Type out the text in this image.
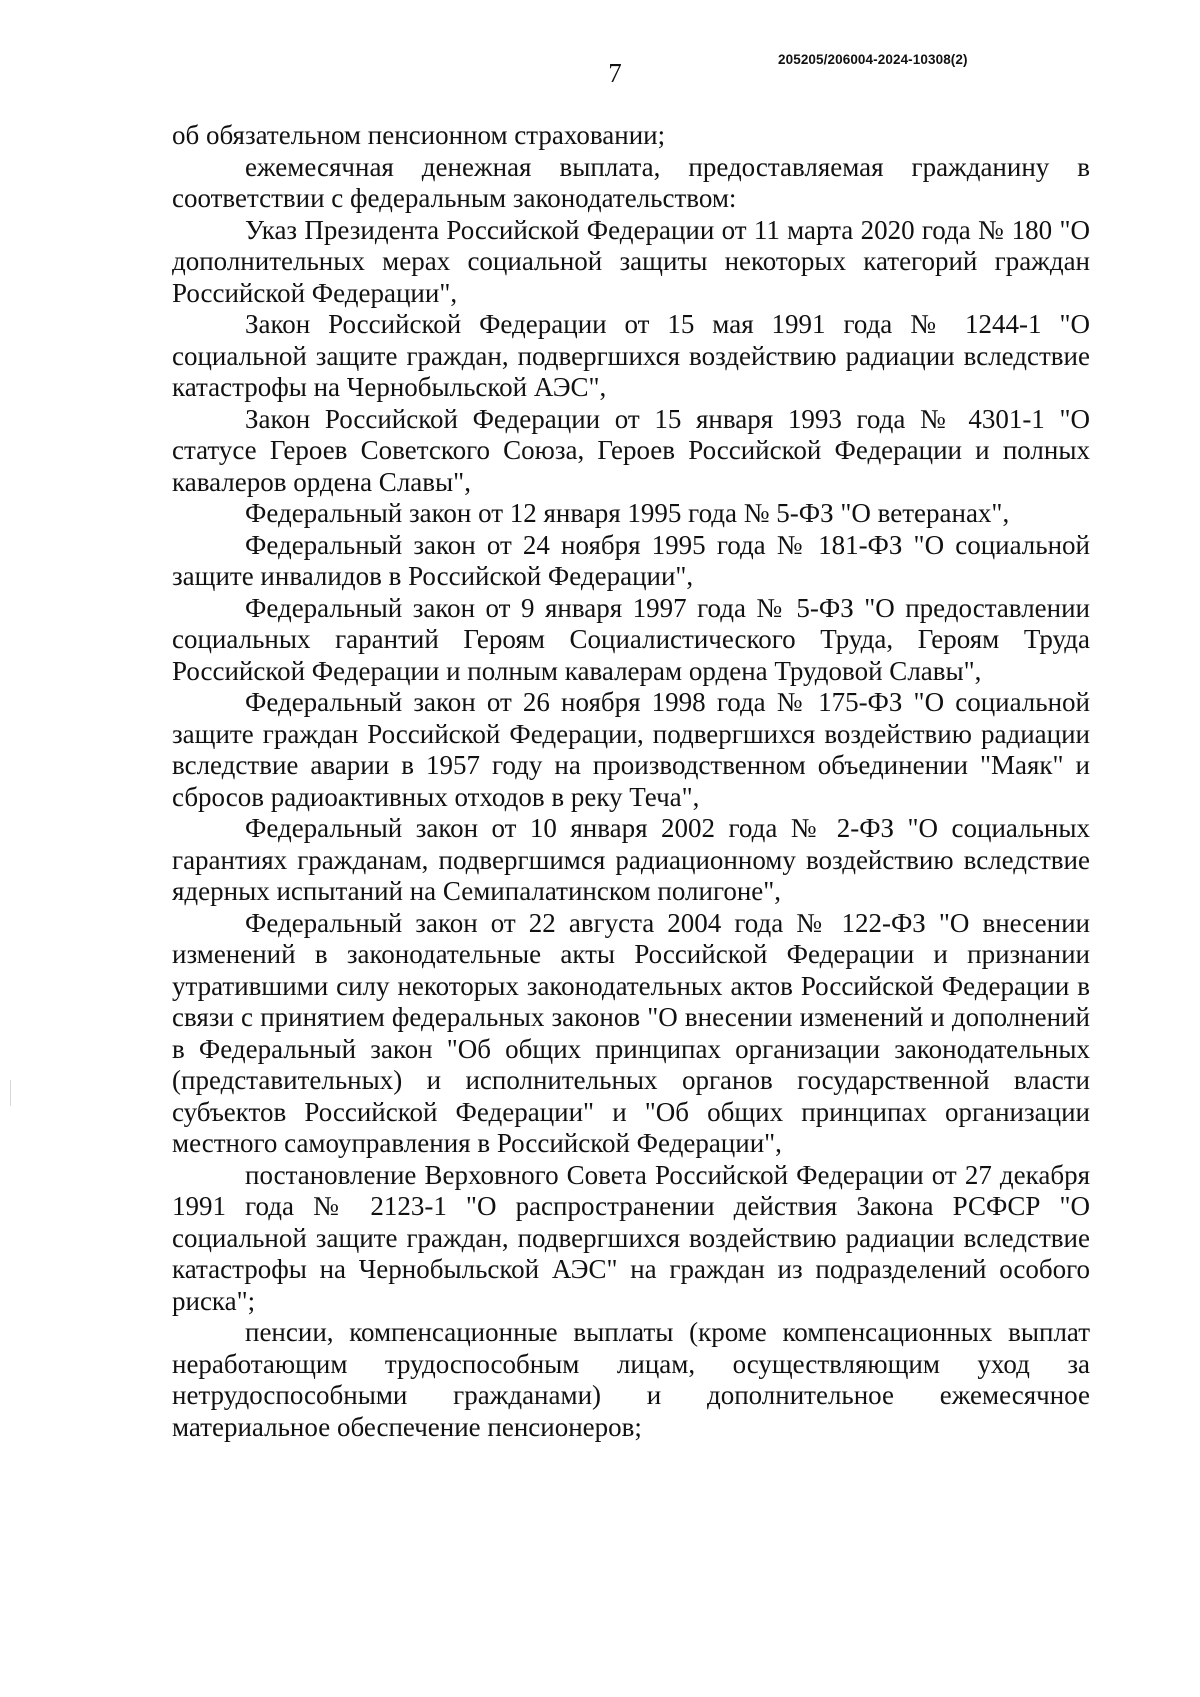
7	205205/206004-2024-10308(2)

об обязательном пенсионном страховании;

ежемесячная денежная выплата, предоставляемая гражданину в соответствии с федеральным законодательством:

Указ Президента Российской Федерации от 11 марта 2020 года № 180 "О дополнительных мерах социальной защиты некоторых категорий граждан Российской Федерации",

Закон Российской Федерации от 15 мая 1991 года № 1244-1 "О социальной защите граждан, подвергшихся воздействию радиации вследствие катастрофы на Чернобыльской АЭС",

Закон Российской Федерации от 15 января 1993 года № 4301-1 "О статусе Героев Советского Союза, Героев Российской Федерации и полных кавалеров ордена Славы",

Федеральный закон от 12 января 1995 года № 5-ФЗ "О ветеранах",

Федеральный закон от 24 ноября 1995 года № 181-ФЗ "О социальной защите инвалидов в Российской Федерации",

Федеральный закон от 9 января 1997 года № 5-ФЗ "О предоставлении социальных гарантий Героям Социалистического Труда, Героям Труда Российской Федерации и полным кавалерам ордена Трудовой Славы",

Федеральный закон от 26 ноября 1998 года № 175-ФЗ "О социальной защите граждан Российской Федерации, подвергшихся воздействию радиации вследствие аварии в 1957 году на производственном объединении "Маяк" и сбросов радиоактивных отходов в реку Теча",

Федеральный закон от 10 января 2002 года № 2-ФЗ "О социальных гарантиях гражданам, подвергшимся радиационному воздействию вследствие ядерных испытаний на Семипалатинском полигоне",

Федеральный закон от 22 августа 2004 года № 122-ФЗ "О внесении изменений в законодательные акты Российской Федерации и признании утратившими силу некоторых законодательных актов Российской Федерации в связи с принятием федеральных законов "О внесении изменений и дополнений в Федеральный закон "Об общих принципах организации законодательных (представительных) и исполнительных органов государственной власти субъектов Российской Федерации" и "Об общих принципах организации местного самоуправления в Российской Федерации",

постановление Верховного Совета Российской Федерации от 27 декабря 1991 года № 2123-1 "О распространении действия Закона РСФСР "О социальной защите граждан, подвергшихся воздействию радиации вследствие катастрофы на Чернобыльской АЭС" на граждан из подразделений особого риска";

пенсии, компенсационные выплаты (кроме компенсационных выплат неработающим трудоспособным лицам, осуществляющим уход за нетрудоспособными гражданами) и дополнительное ежемесячное материальное обеспечение пенсионеров;
